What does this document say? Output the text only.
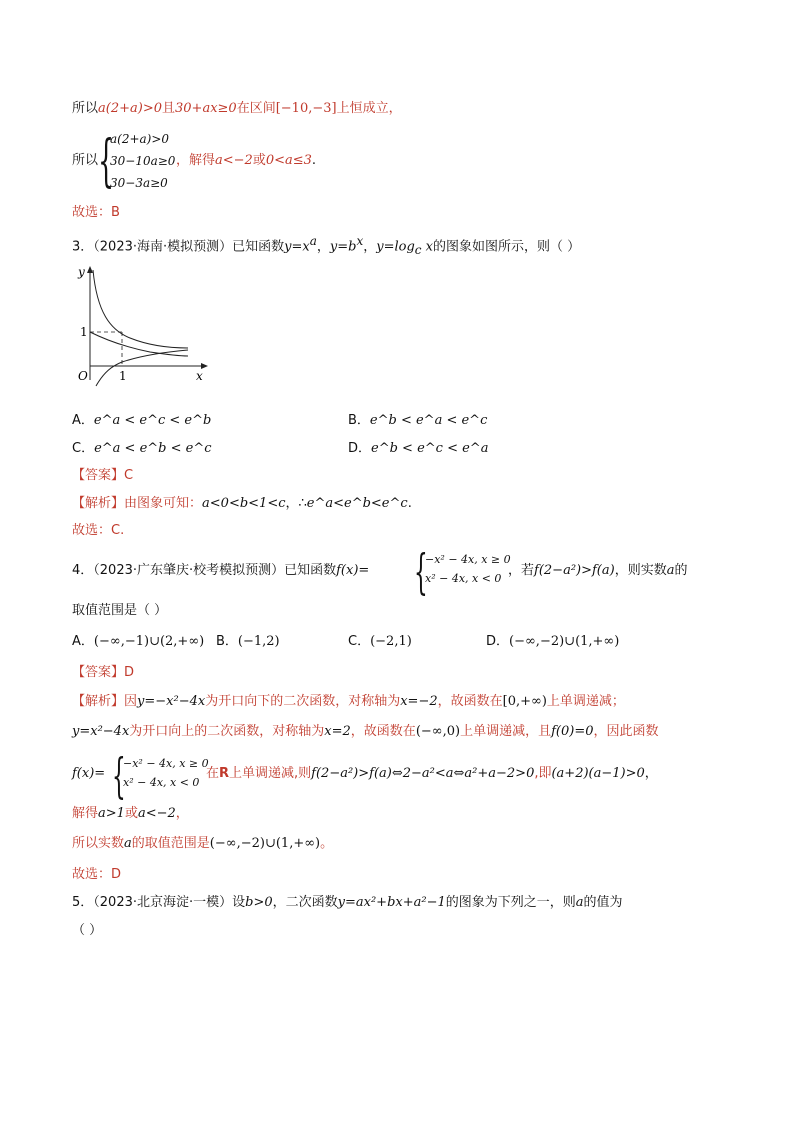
所以a(2+a)>0且30+ax≥0在区间[−10,−3]上恒成立，
所以 {
a(2+a)>0
30−10a≥0
30−3a≥0
，解得a<−2或0<a≤3.
故选：B
3．（2023·海南·模拟预测）已知函数$y=x^a$，$y=b^x$，$y=\log_c$ x的图象如图所示，则（ ）
y
x
O
1
1
A．e^a < e^c < e^b	B．e^b < e^a < e^c
C．e^a < e^b < e^c	D．e^b < e^c < e^a
【答案】C
【解析】由图象可知：a<0<b<1<c，∴e^a<e^b<e^c.
故选：C.
4．（2023·广东肇庆·校考模拟预测）已知函数f(x)= {
−x² − 4x, x ≥ 0
x² − 4x, x < 0
，若f(2−a²)>f(a)，则实数a的
取值范围是（ ）
A．(−∞,−1)∪(2,+∞) B．(−1,2)	C．(−2,1)	D．(−∞,−2)∪(1,+∞)
【答案】D
【解析】因y=−x²−4x为开口向下的二次函数，对称轴为x=−2，故函数在[0,+∞)上单调递减；
y=x²−4x为开口向上的二次函数，对称轴为x=2，故函数在(−∞,0)上单调递减，且f(0)=0，因此函数
f(x)= {
−x² − 4x, x ≥ 0
x² − 4x, x < 0
在R上单调递减,则f(2−a²)>f(a)⇔2−a²<a⇔a²+a−2>0,即(a+2)(a−1)>0，
解得a>1或a<−2，
所以实数a的取值范围是(−∞,−2)∪(1,+∞)。
故选：D
5．（2023·北京海淀·一模）设b>0，二次函数y=ax²+bx+a²−1的图象为下列之一，则a的值为
（ ）
